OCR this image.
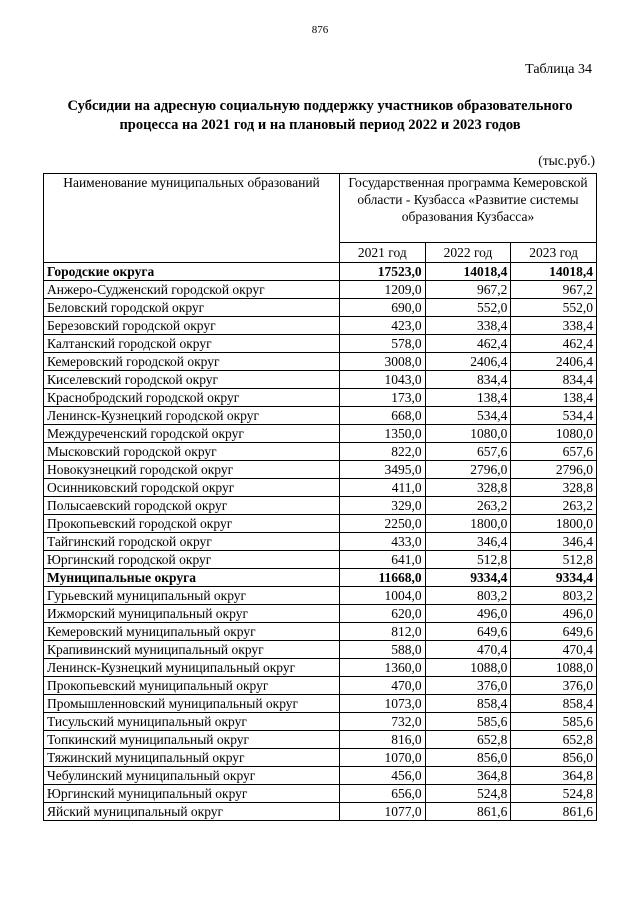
876
Таблица 34
Субсидии на адресную социальную поддержку участников образовательного
процесса на 2021 год и на плановый период 2022 и 2023 годов
(тыс.руб.)
Наименование муниципальных образований	Государственная программа Кемеровской области - Кузбасса «Развитие системы образования Кузбасса»		
	2021 год	2022 год	2023 год
Городские округа	17523,0	14018,4	14018,4
Анжеро-Судженский городской округ	1209,0	967,2	967,2
Беловский городской округ	690,0	552,0	552,0
Березовский городской округ	423,0	338,4	338,4
Калтанский городской округ	578,0	462,4	462,4
Кемеровский городской округ	3008,0	2406,4	2406,4
Киселевский городской округ	1043,0	834,4	834,4
Краснобродский городской округ	173,0	138,4	138,4
Ленинск-Кузнецкий городской округ	668,0	534,4	534,4
Междуреченский городской округ	1350,0	1080,0	1080,0
Мысковский городской округ	822,0	657,6	657,6
Новокузнецкий городской округ	3495,0	2796,0	2796,0
Осинниковский городской округ	411,0	328,8	328,8
Полысаевский городской округ	329,0	263,2	263,2
Прокопьевский городской округ	2250,0	1800,0	1800,0
Тайгинский городской округ	433,0	346,4	346,4
Юргинский городской округ	641,0	512,8	512,8
Муниципальные округа	11668,0	9334,4	9334,4
Гурьевский муниципальный округ	1004,0	803,2	803,2
Ижморский муниципальный округ	620,0	496,0	496,0
Кемеровский муниципальный округ	812,0	649,6	649,6
Крапивинский муниципальный округ	588,0	470,4	470,4
Ленинск-Кузнецкий муниципальный округ	1360,0	1088,0	1088,0
Прокопьевский муниципальный округ	470,0	376,0	376,0
Промышленновский муниципальный округ	1073,0	858,4	858,4
Тисульский муниципальный округ	732,0	585,6	585,6
Топкинский муниципальный округ	816,0	652,8	652,8
Тяжинский муниципальный округ	1070,0	856,0	856,0
Чебулинский муниципальный округ	456,0	364,8	364,8
Юргинский муниципальный округ	656,0	524,8	524,8
Яйский муниципальный округ	1077,0	861,6	861,6
